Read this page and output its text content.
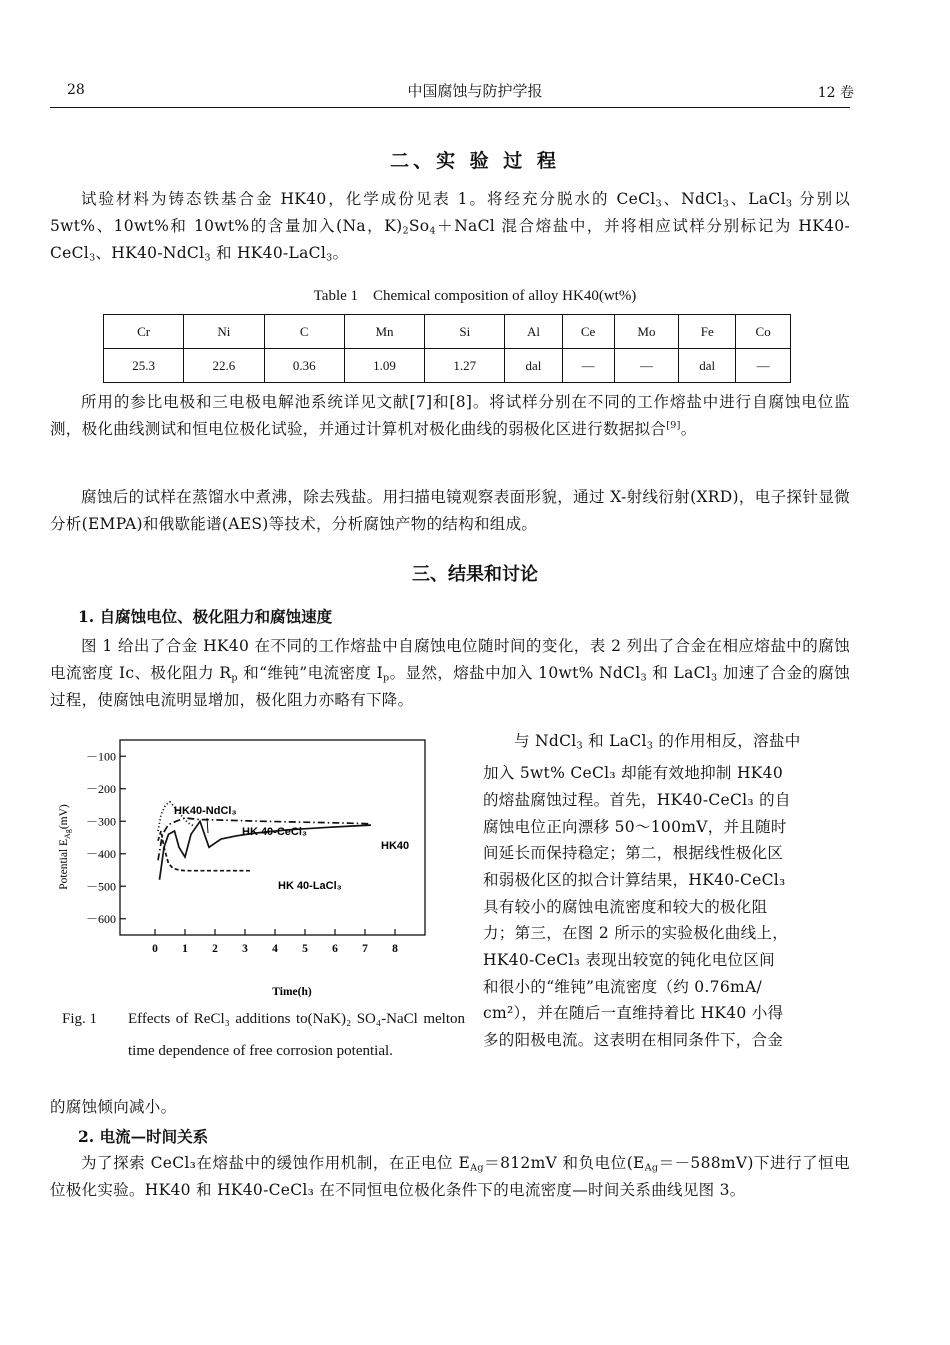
28	中国腐蚀与防护学报	12 卷
二、实 验 过 程
试验材料为铸态铁基合金 HK40，化学成份见表 1。将经充分脱水的 CeCl$_3$、NdCl$_3$、LaCl$_3$ 分别以 5wt%、10wt%和 10wt%的含量加入(Na，$K)_2So_4+NaCl$ 混合熔盐中，并将相应试样分别标记为 HK40-CeCl$_3$、HK40-NdCl$_3$ 和 HK40-LaCl$_3$。
Table 1　Chemical composition of alloy HK40(wt%)
Cr	Ni	C	Mn	Si	Al	Ce	Mo	Fe	Co
25.3	22.6	0.36	1.09	1.27	dal	—	—	dal	—
所用的参比电极和三电极电解池系统详见文献[7]和[8]。将试样分别在不同的工作熔盐中进行自腐蚀电位监测，极化曲线测试和恒电位极化试验，并通过计算机对极化曲线的弱极化区进行数据拟合[9]。
腐蚀后的试样在蒸馏水中煮沸，除去残盐。用扫描电镜观察表面形貌，通过 X-射线衍射(XRD)，电子探针显微分析(EMPA)和俄歇能谱(AES)等技术，分析腐蚀产物的结构和组成。
三、结果和讨论
1. 自腐蚀电位、极化阻力和腐蚀速度
图 1 给出了合金 HK40 在不同的工作熔盐中自腐蚀电位随时间的变化，表 2 列出了合金在相应熔盐中的腐蚀电流密度 Ic、极化阻力 $R_p$ 和“维钝”电流密度 $I_p$。显然，熔盐中加入 10wt% NdCl$_3$ 和 LaCl$_3$ 加速了合金的腐蚀过程，使腐蚀电流明显增加，极化阻力亦略有下降。
与 NdCl$_3$ 和 LaCl$_3$ 的作用相反，溶盐中
加入 5wt% CeCl₃ 却能有效地抑制 HK40
的熔盐腐蚀过程。首先，HK40-CeCl₃ 的自
腐蚀电位正向漂移 50～100mV，并且随时
间延长而保持稳定；第二，根据线性极化区
和弱极化区的拟合计算结果，HK40-CeCl₃
具有较小的腐蚀电流密度和较大的极化阻
力；第三，在图 2 所示的实验极化曲线上，
HK40-CeCl₃ 表现出较宽的钝化电位区间
和很小的“维钝”电流密度（约 0.76mA/
cm²），并在随后一直维持着比 HK40 小得
多的阳极电流。这表明在相同条件下，合金
－100
－200
－300
－400
－500
－600
0 1 2 3 4 5 6 7 8
Time(h)
Potential $E_{Ag}(mV)$	HK40-NdCl₃
HK 40-CeCl₃
HK40
HK 40-LaCl₃
Fig. 1 Effects of ReCl₃ additions to(NaK)₂ SO₄-NaCl melton time dependence of free corrosion potential.
的腐蚀倾向减小。
2. 电流—时间关系
为了探索 CeCl₃在熔盐中的缓蚀作用机制，在正电位 $E_{Ag}=812mV$ 和负电位$(E_{Ag}=-588mV)$下进行了恒电位极化实验。HK40 和 HK40-CeCl₃ 在不同恒电位极化条件下的电流密度—时间关系曲线见图 3。
